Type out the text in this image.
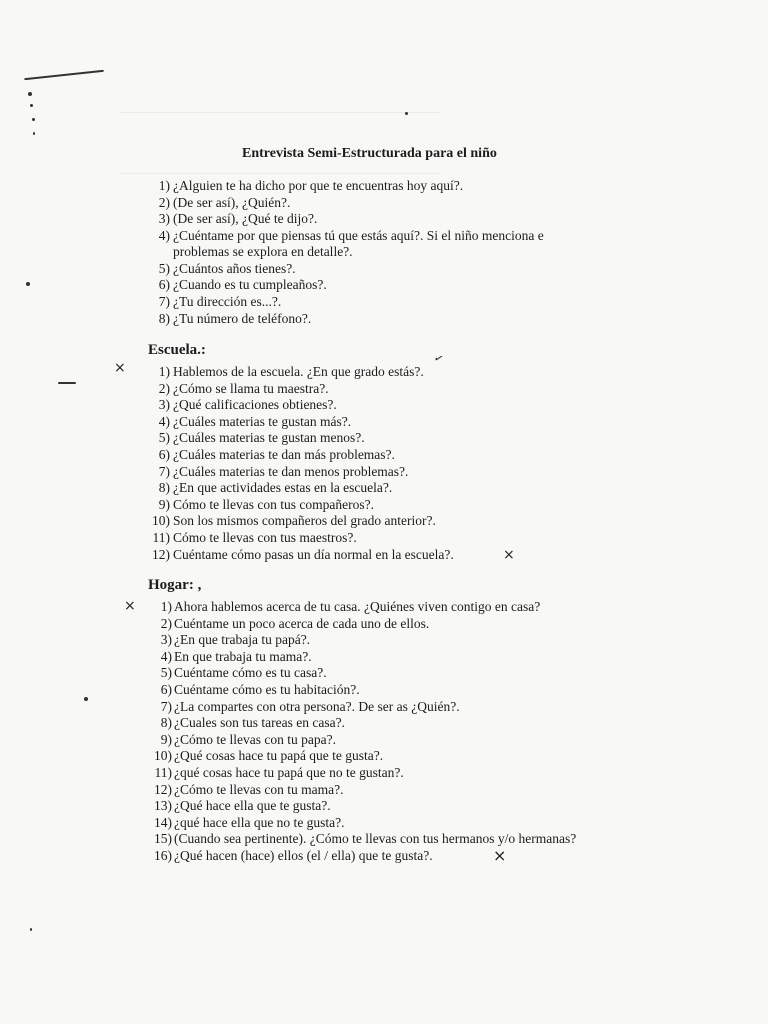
Entrevista Semi-Estructurada para el niño
1) ¿Alguien te ha dicho por que te encuentras hoy aquí?.
2) (De ser así), ¿Quién?.
3) (De ser así), ¿Qué te dijo?.
4) ¿Cuéntame por que piensas tú que estás aquí?. Si el niño menciona e
problemas se explora en detalle?.
5) ¿Cuántos años tienes?.
6) ¿Cuando es tu cumpleaños?.
7) ¿Tu dirección es...?.
8) ¿Tu número de teléfono?.
Escuela.:
1) Hablemos de la escuela. ¿En que grado estás?.
2) ¿Cómo se llama tu maestra?.
3) ¿Qué calificaciones obtienes?.
4) ¿Cuáles materias te gustan más?.
5) ¿Cuáles materias te gustan menos?.
6) ¿Cuáles materias te dan más problemas?.
7) ¿Cuáles materias te dan menos problemas?.
8) ¿En que actividades estas en la escuela?.
9) Cómo te llevas con tus compañeros?.
10) Son los mismos compañeros del grado anterior?.
11) Cómo te llevas con tus maestros?.
12) Cuéntame cómo pasas un día normal en la escuela?.
Hogar: ,
1) Ahora hablemos acerca de tu casa. ¿Quiénes viven contigo en casa?
2) Cuéntame un poco acerca de cada uno de ellos.
3) ¿En que trabaja tu papá?.
4) En que trabaja tu mama?.
5) Cuéntame cómo es tu casa?.
6) Cuéntame cómo es tu habitación?.
7) ¿La compartes con otra persona?. De ser as ¿Quién?.
8) ¿Cuales son tus tareas en casa?.
9) ¿Cómo te llevas con tu papa?.
10) ¿Qué cosas hace tu papá que te gusta?.
11) ¿qué cosas hace tu papá que no te gustan?.
12) ¿Cómo te llevas con tu mama?.
13) ¿Qué hace ella que te gusta?.
14) ¿qué hace ella que no te gusta?.
15) (Cuando sea pertinente). ¿Cómo te llevas con tus hermanos y/o hermanas?
16) ¿Qué hacen (hace) ellos (el / ella) que te gusta?.
×
×
×
×
✓
